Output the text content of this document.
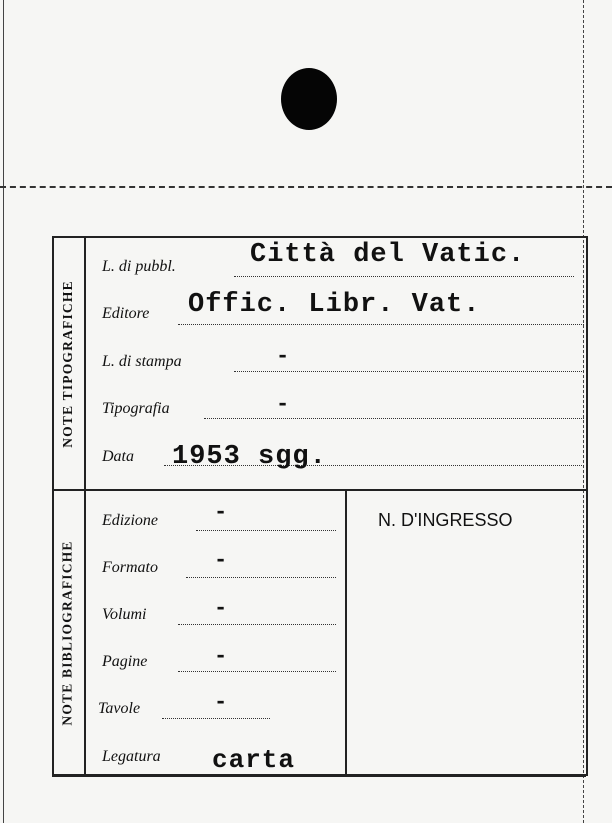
NOTE TIPOGRAFICHE
L. di pubbl.	Città del Vatic.
Editore Offic. Libr. Vat.
L. di stampa	-
Tipografia	-
Data 1953 sgg.
NOTE BIBLIOGRAFICHE
Edizione	-
Formato	-
Volumi	-
Pagine	-
Tavole	-
Legatura carta
N. D'INGRESSO
